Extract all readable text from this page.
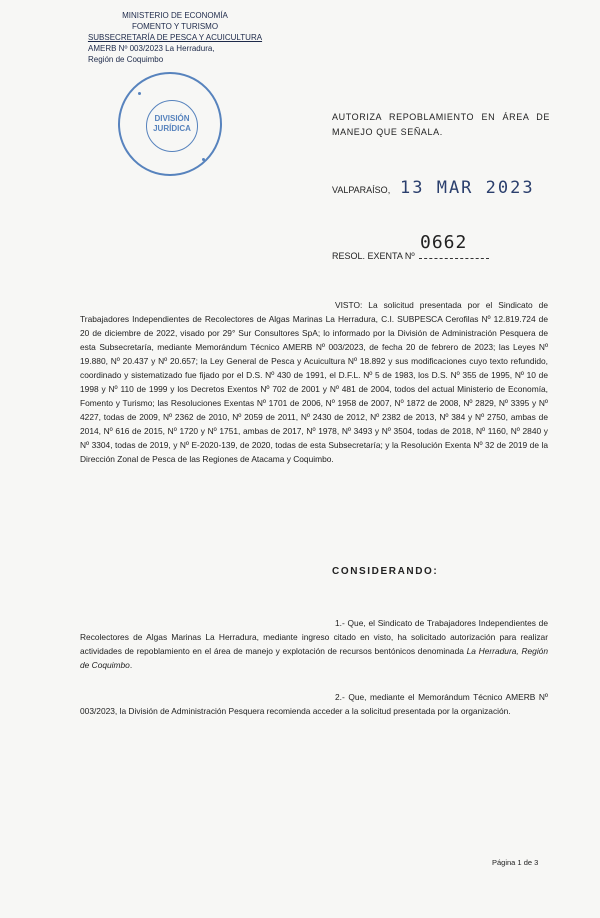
MINISTERIO DE ECONOMÍA
FOMENTO Y TURISMO
SUBSECRETARÍA DE PESCA Y ACUICULTURA
AMERB Nº 003/2023 La Herradura,
Región de Coquimbo
DIVISIÓN
JURÍDICA
AUTORIZA REPOBLAMIENTO EN ÁREA DE MANEJO QUE SEÑALA.
VALPARAÍSO, 13 MAR 2023
RESOL. EXENTA Nº
0662
VISTO: La solicitud presentada por el Sindicato de Trabajadores Independientes de Recolectores de Algas Marinas La Herradura, C.I. SUBPESCA Cerofilas Nº 12.819.724 de 20 de diciembre de 2022, visado por 29° Sur Consultores SpA; lo informado por la División de Administración Pesquera de esta Subsecretaría, mediante Memorándum Técnico AMERB Nº 003/2023, de fecha 20 de febrero de 2023; las Leyes Nº 19.880, Nº 20.437 y Nº 20.657; la Ley General de Pesca y Acuicultura Nº 18.892 y sus modificaciones cuyo texto refundido, coordinado y sistematizado fue fijado por el D.S. Nº 430 de 1991, el D.F.L. Nº 5 de 1983, los D.S. Nº 355 de 1995, Nº 10 de 1998 y Nº 110 de 1999 y los Decretos Exentos Nº 702 de 2001 y Nº 481 de 2004, todos del actual Ministerio de Economía, Fomento y Turismo; las Resoluciones Exentas Nº 1701 de 2006, Nº 1958 de 2007, Nº 1872 de 2008, Nº 2829, Nº 3395 y Nº 4227, todas de 2009, Nº 2362 de 2010, Nº 2059 de 2011, Nº 2430 de 2012, Nº 2382 de 2013, Nº 384 y Nº 2750, ambas de 2014, Nº 616 de 2015, Nº 1720 y Nº 1751, ambas de 2017, Nº 1978, Nº 3493 y Nº 3504, todas de 2018, Nº 1160, Nº 2840 y Nº 3304, todas de 2019, y Nº E-2020-139, de 2020, todas de esta Subsecretaría; y la Resolución Exenta Nº 32 de 2019 de la Dirección Zonal de Pesca de las Regiones de Atacama y Coquimbo.
CONSIDERANDO:
1.- Que, el Sindicato de Trabajadores Independientes de Recolectores de Algas Marinas La Herradura, mediante ingreso citado en visto, ha solicitado autorización para realizar actividades de repoblamiento en el área de manejo y explotación de recursos bentónicos denominada La Herradura, Región de Coquimbo.
2.- Que, mediante el Memorándum Técnico AMERB Nº 003/2023, la División de Administración Pesquera recomienda acceder a la solicitud presentada por la organización.
Página 1 de 3
